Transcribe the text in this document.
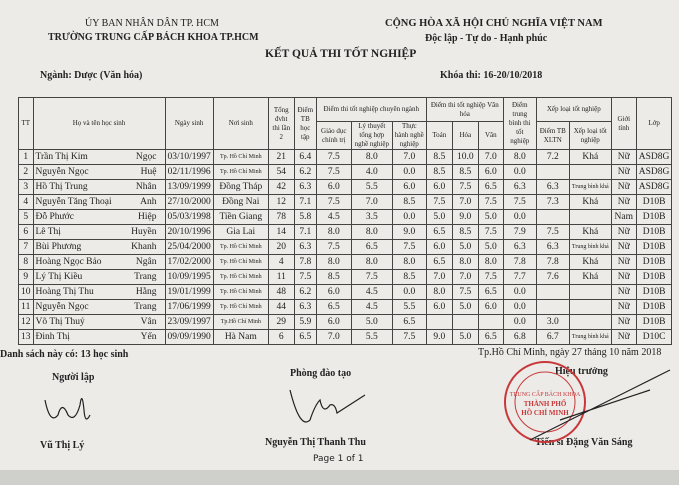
ỦY BAN NHÂN DÂN TP. HCM
TRƯỜNG TRUNG CẤP BÁCH KHOA TP.HCM
CỘNG HÒA XÃ HỘI CHỦ NGHĨA VIỆT NAM
Độc lập - Tự do - Hạnh phúc
KẾT QUẢ THI TỐT NGHIỆP
Ngành: Dược (Văn hóa)	Khóa thi: 16-20/10/2018
TT	Họ và tên học sinh	Ngày sinh	Nơi sinh	Tổng đvht thi lần 2	Điểm TB học tập	Điểm thi tốt nghiệp chuyên ngành			Điểm thi tốt nghiệp Văn hóa			Điểm trung bình thi tốt nghiệp	Xếp loại tốt nghiệp		Giới tính	Lớp
						Giáo dục chính trị	Lý thuyết tổng hợp nghề nghiệp	Thực hành nghề nghiệp	Toán	Hóa	Văn		Điểm TB XLTN	Xếp loại tốt nghiệp		
1	Trần Thị Kim Ngọc	03/10/1997	Tp. Hồ Chí Minh	21	6.4	7.5	8.0	7.0	8.5	10.0	7.0	8.0	7.2	Khá	Nữ	ASD8G
2	Nguyễn Ngọc Huệ	02/11/1996	Tp. Hồ Chí Minh	54	6.2	7.5	4.0	0.0	8.5	8.5	6.0	0.0			Nữ	ASD8G
3	Hồ Thị Trung Nhân	13/09/1999	Đồng Tháp	42	6.3	6.0	5.5	6.0	6.0	7.5	6.5	6.3	6.3	Trung bình khá	Nữ	ASD8G
4	Nguyễn Tăng Thoại Anh	27/10/2000	Đồng Nai	12	7.1	7.5	7.0	8.5	7.5	7.0	7.5	7.5	7.3	Khá	Nữ	D10B
5	Đỗ Phước Hiệp	05/03/1998	Tiền Giang	78	5.8	4.5	3.5	0.0	5.0	9.0	5.0	0.0			Nam	D10B
6	Lê Thị Huyền	20/10/1996	Gia Lai	14	7.1	8.0	8.0	9.0	6.5	8.5	7.5	7.9	7.5	Khá	Nữ	D10B
7	Bùi Phương Khanh	25/04/2000	Tp. Hồ Chí Minh	20	6.3	7.5	6.5	7.5	6.0	5.0	5.0	6.3	6.3	Trung bình khá	Nữ	D10B
8	Hoàng Ngọc Bảo Ngân	17/02/2000	Tp. Hồ Chí Minh	4	7.8	8.0	8.0	8.0	6.5	8.0	8.0	7.8	7.8	Khá	Nữ	D10B
9	Lý Thị Kiều Trang	10/09/1995	Tp. Hồ Chí Minh	11	7.5	8.5	7.5	8.5	7.0	7.0	7.5	7.7	7.6	Khá	Nữ	D10B
10	Hoàng Thị Thu Hằng	19/01/1999	Tp. Hồ Chí Minh	48	6.2	6.0	4.5	0.0	8.0	7.5	6.5	0.0			Nữ	D10B
11	Nguyễn Ngọc Trang	17/06/1999	Tp. Hồ Chí Minh	44	6.3	6.5	4.5	5.5	6.0	5.0	6.0	0.0			Nữ	D10B
12	Võ Thị Thuỷ Vân	23/09/1997	Tp.Hồ Chí Minh	29	5.9	6.0	5.0	6.5				0.0	3.0		Nữ	D10B
13	Đinh Thị Yến	09/09/1990	Hà Nam	6	6.5	7.0	5.5	7.5	9.0	5.0	6.5	6.8	6.7	Trung bình khá	Nữ	D10C
Danh sách này có: 13 học sinh	Tp.Hồ Chí Minh, ngày 27 tháng 10 năm 2018
Người lập	Phòng đào tạo	Hiệu trưởng
Vũ Thị Lý	Nguyễn Thị Thanh Thu	Tiến sĩ Đặng Văn Sáng
Page 1 of 1
TRUNG CẤP BÁCH KHOA
THÀNH PHỐ
HỒ CHÍ MINH
